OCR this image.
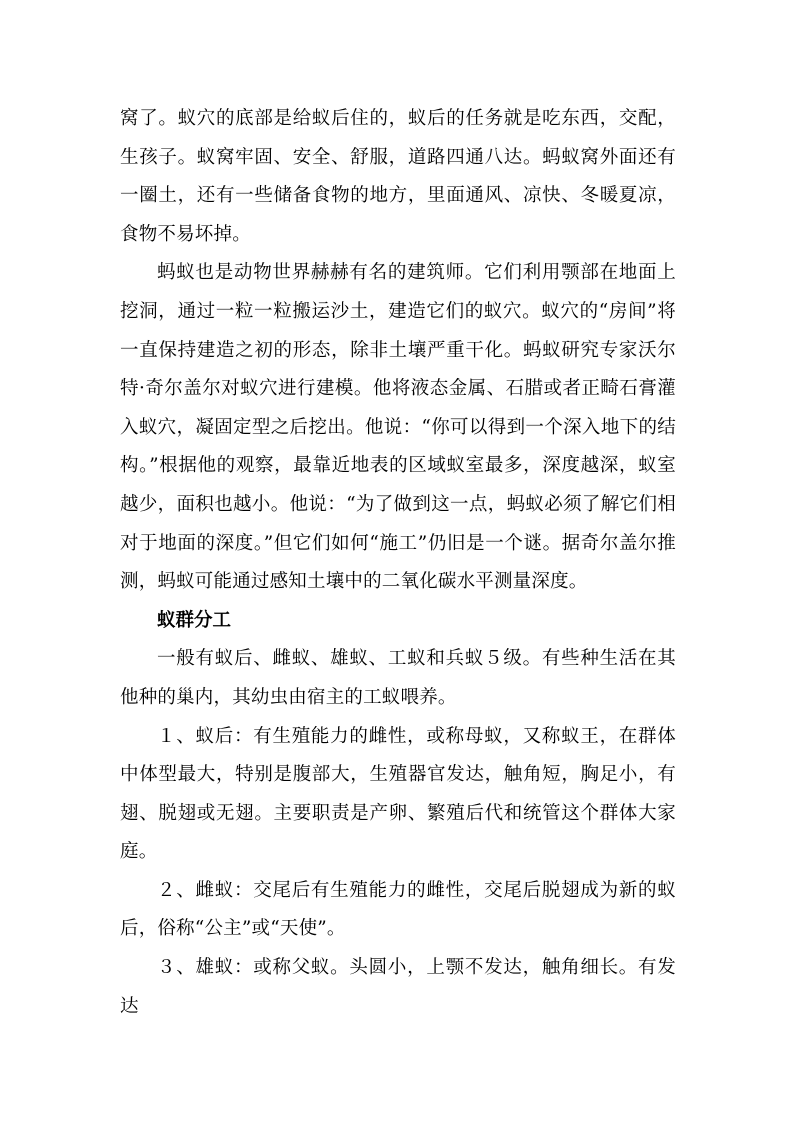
窝了。蚁穴的底部是给蚁后住的，蚁后的任务就是吃东西，交配，生孩子。蚁窝牢固、安全、舒服，道路四通八达。蚂蚁窝外面还有一圈土，还有一些储备食物的地方，里面通风、凉快、冬暖夏凉，食物不易坏掉。

蚂蚁也是动物世界赫赫有名的建筑师。它们利用颚部在地面上挖洞，通过一粒一粒搬运沙土，建造它们的蚁穴。蚁穴的“房间”将一直保持建造之初的形态，除非土壤严重干化。蚂蚁研究专家沃尔特·奇尔盖尔对蚁穴进行建模。他将液态金属、石腊或者正畸石膏灌入蚁穴，凝固定型之后挖出。他说：“你可以得到一个深入地下的结构。”根据他的观察，最靠近地表的区域蚁室最多，深度越深，蚁室越少，面积也越小。他说：“为了做到这一点，蚂蚁必须了解它们相对于地面的深度。”但它们如何“施工”仍旧是一个谜。据奇尔盖尔推测，蚂蚁可能通过感知土壤中的二氧化碳水平测量深度。

蚁群分工

一般有蚁后、雌蚁、雄蚁、工蚁和兵蚁５级。有些种生活在其他种的巢内，其幼虫由宿主的工蚁喂养。

１、蚁后：有生殖能力的雌性，或称母蚁，又称蚁王，在群体中体型最大，特别是腹部大，生殖器官发达，触角短，胸足小，有翅、脱翅或无翅。主要职责是产卵、繁殖后代和统管这个群体大家庭。

２、雌蚁：交尾后有生殖能力的雌性，交尾后脱翅成为新的蚁后，俗称“公主”或“天使”。

３、雄蚁：或称父蚁。头圆小，上颚不发达，触角细长。有发达
